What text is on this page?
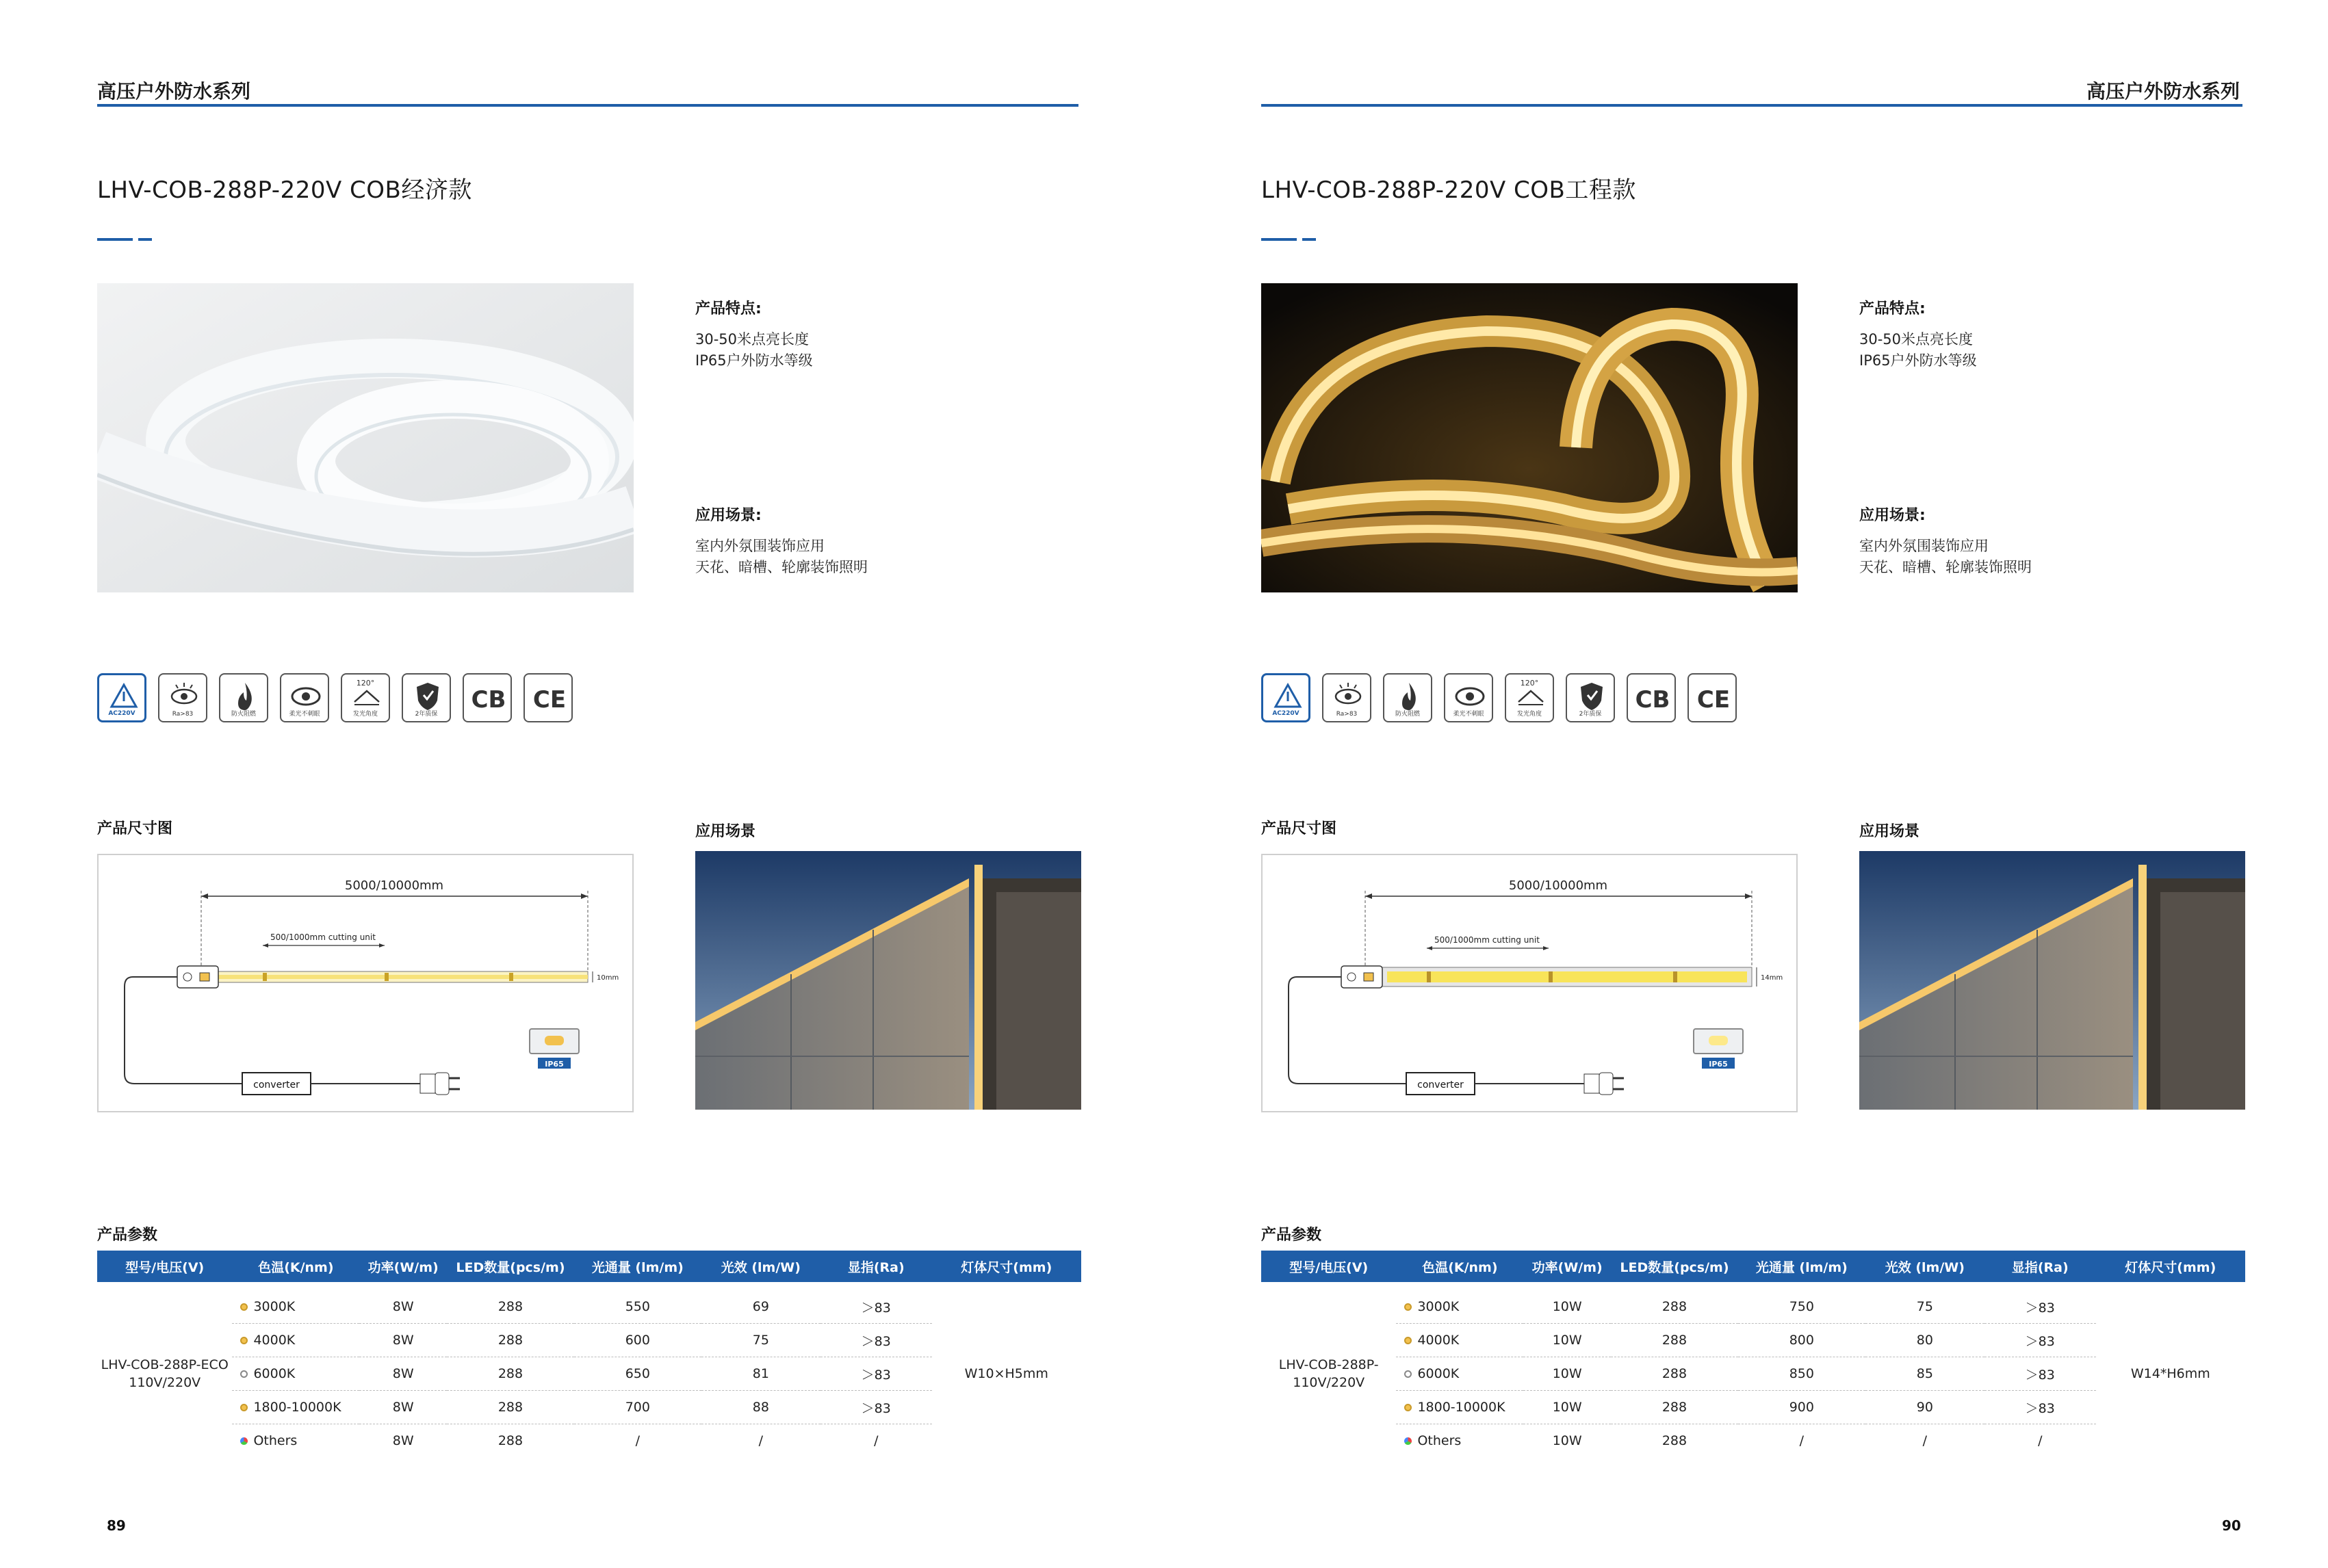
高压户外防水系列
LHV-COB-288P-220V COB经济款
产品特点:
30-50米点亮长度
IP65户外防水等级
应用场景:
室内外氛围装饰应用
天花、暗槽、轮廓装饰照明
AC220V	Ra>83	防火阻燃	柔光不刺眼
120°
发光角度	2年质保
CB CE
产品尺寸图	应用场景
5000/10000mm
500/1000mm cutting unit
10mm
converter
IP65
产品参数
型号/电压(V)	色温(K/nm)	功率(W/m)	LED数量(pcs/m)	光通量 (lm/m)	光效 (lm/W)	显指(Ra)	灯体尺寸(mm)

LHV-COB-288P-ECO
110V/220V	3000K	8W	288	550	69	＞83	W10×H5mm
	4000K	8W	288	600	75	＞83	
	6000K	8W	288	650	81	＞83	
	1800-10000K	8W	288	700	88	＞83	
	Others	8W	288	/	/	/	
89
高压户外防水系列
LHV-COB-288P-220V COB工程款
产品特点:
30-50米点亮长度
IP65户外防水等级
应用场景:
室内外氛围装饰应用
天花、暗槽、轮廓装饰照明
AC220V	Ra>83	防火阻燃	柔光不刺眼
120°
发光角度	2年质保
CB CE
产品尺寸图	应用场景
5000/10000mm
500/1000mm cutting unit
14mm
converter
IP65
产品参数
型号/电压(V)	色温(K/nm)	功率(W/m)	LED数量(pcs/m)	光通量 (lm/m)	光效 (lm/W)	显指(Ra)	灯体尺寸(mm)

LHV-COB-288P-
110V/220V	3000K	10W	288	750	75	＞83	W14*H6mm
	4000K	10W	288	800	80	＞83	
	6000K	10W	288	850	85	＞83	
	1800-10000K	10W	288	900	90	＞83	
	Others	10W	288	/	/	/	
90
